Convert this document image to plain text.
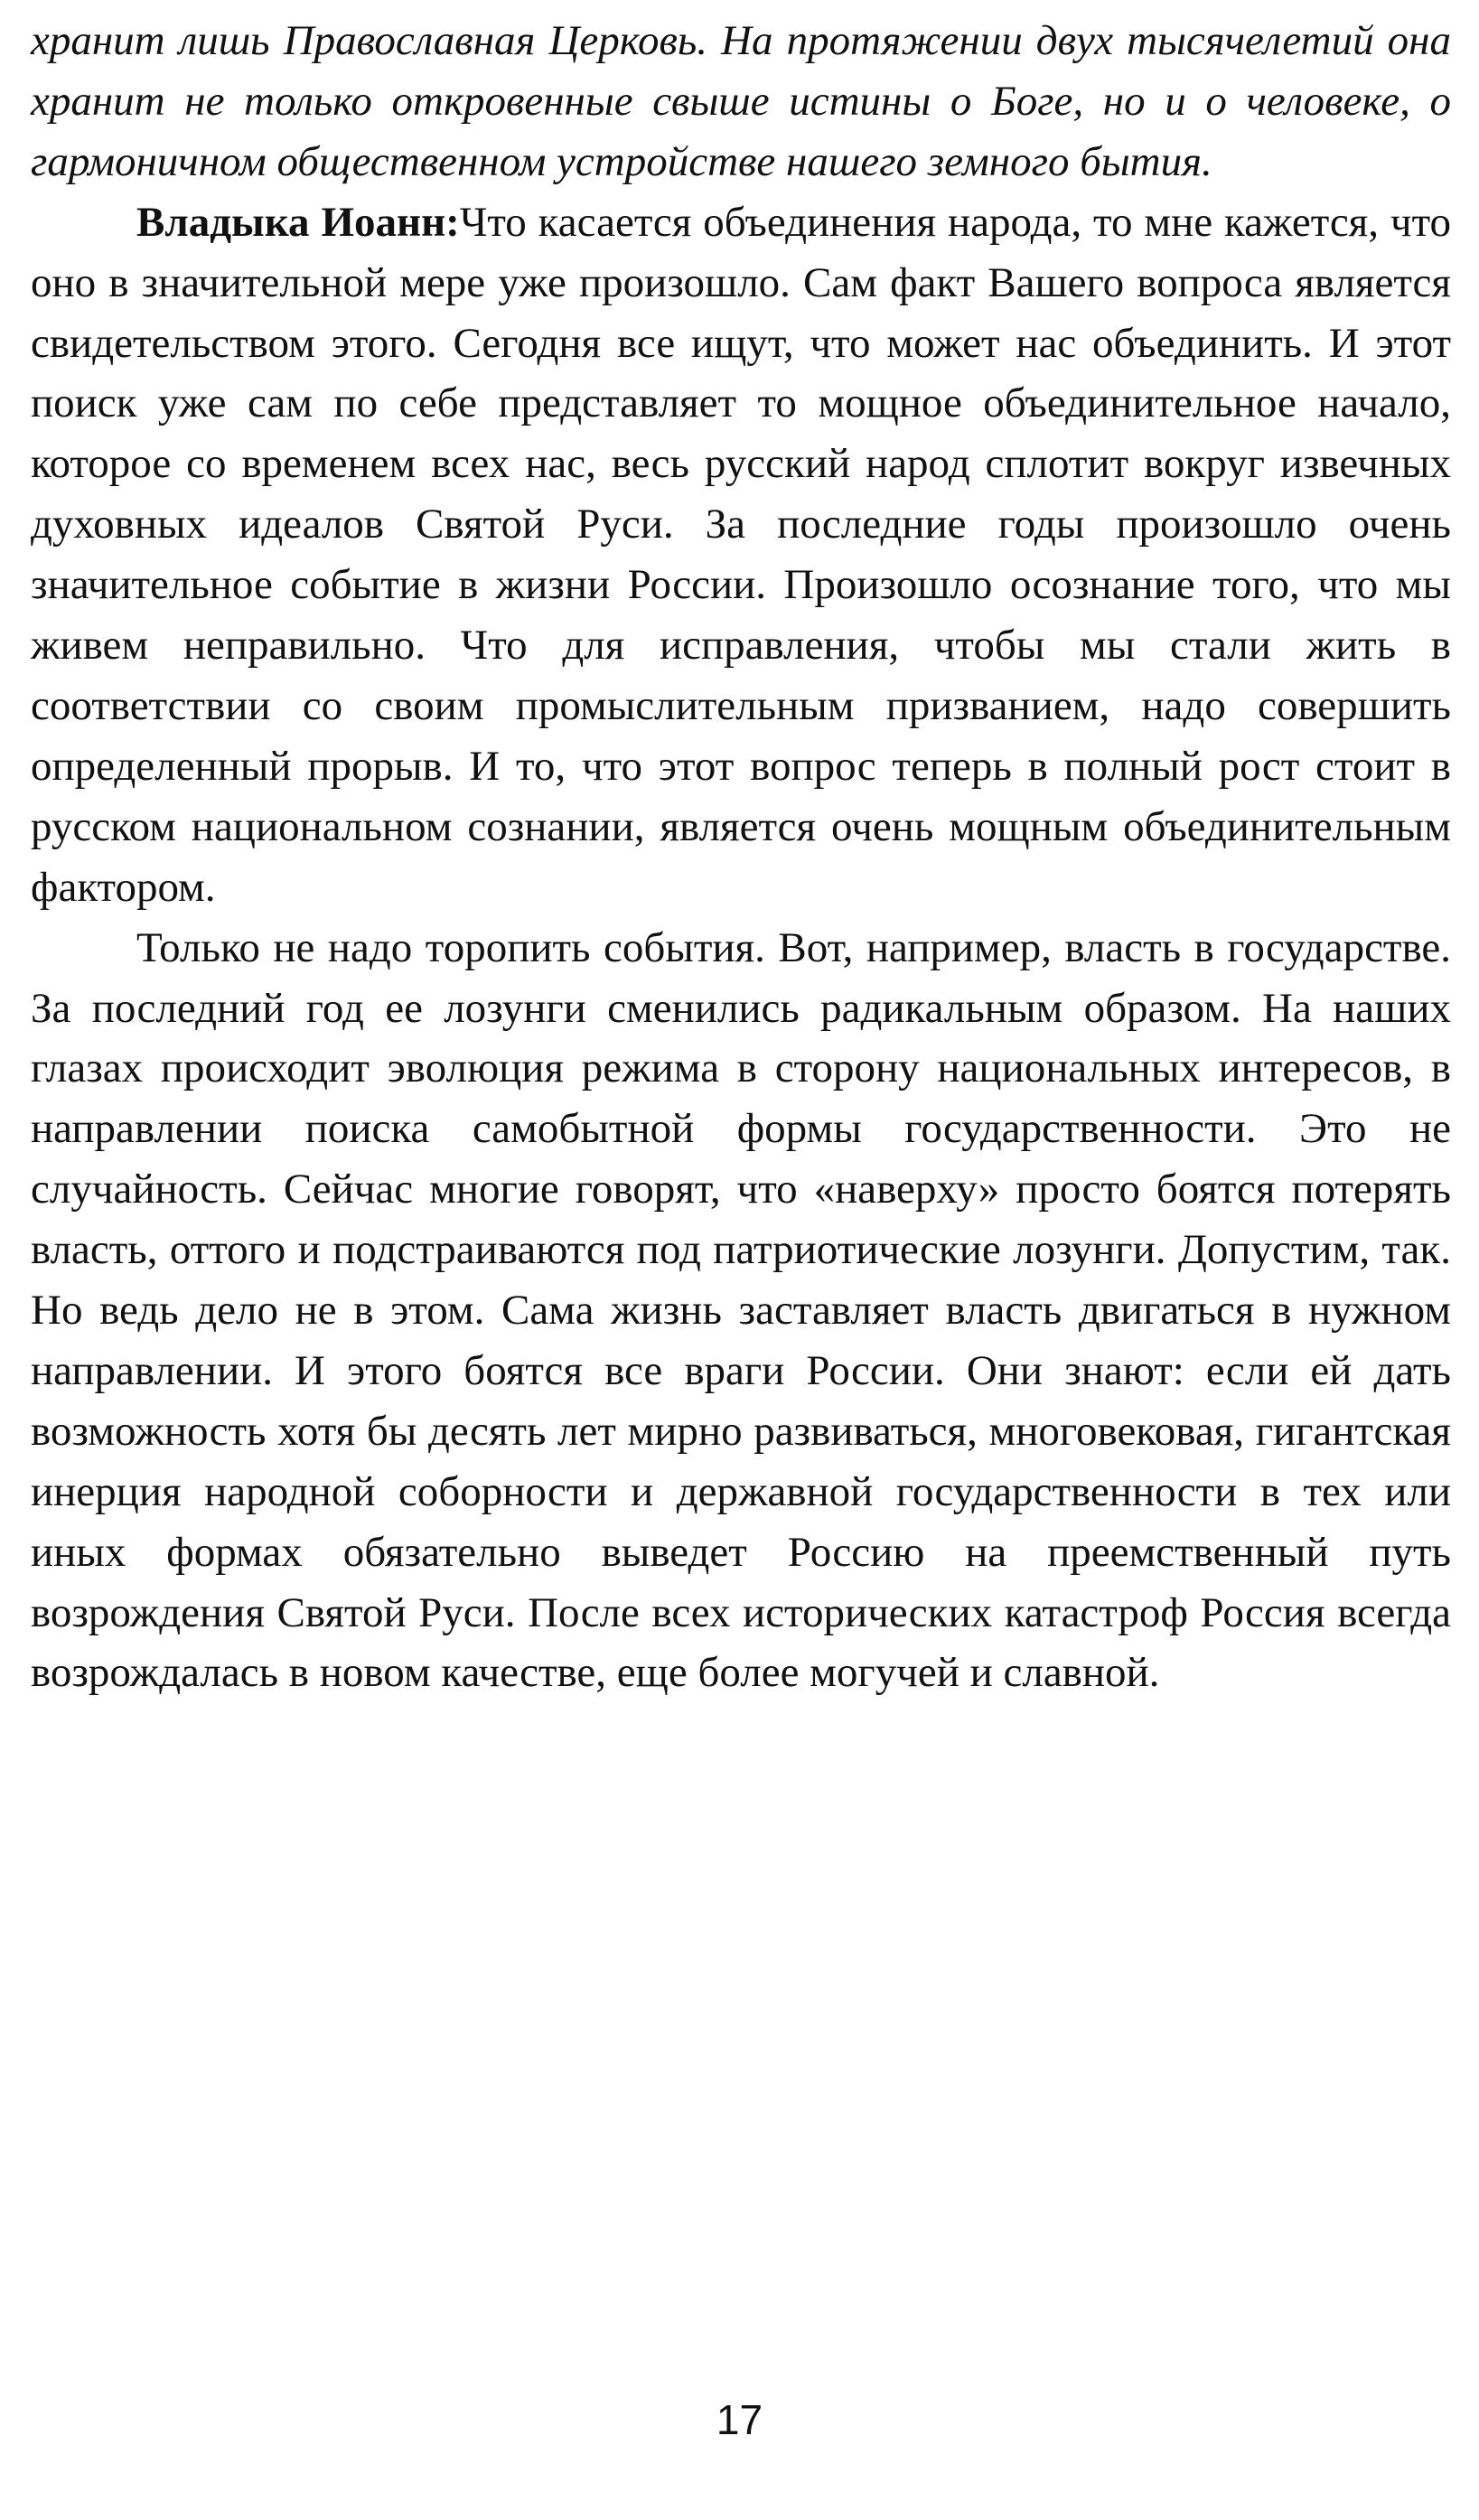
хранит лишь Православная Церковь. На протяжении двух тысячелетий она хранит не только откровенные свыше истины о Боге, но и о человеке, о гармоничном общественном устройстве нашего земного бытия.

Владыка Иоанн:Что касается объединения народа, то мне кажется, что оно в значительной мере уже произошло. Сам факт Вашего вопроса является свидетельством этого. Сегодня все ищут, что может нас объединить. И этот поиск уже сам по себе представляет то мощное объединительное начало, которое со временем всех нас, весь русский народ сплотит вокруг извечных духовных идеалов Святой Руси. За последние годы произошло очень значительное событие в жизни России. Произошло осознание того, что мы живем неправильно. Что для исправления, чтобы мы стали жить в соответствии со своим промыслительным призванием, надо совершить определенный прорыв. И то, что этот вопрос теперь в полный рост стоит в русском национальном сознании, является очень мощным объединительным фактором.

Только не надо торопить события. Вот, например, власть в государстве. За последний год ее лозунги сменились радикальным образом. На наших глазах происходит эволюция режима в сторону национальных интересов, в направлении поиска самобытной формы государственности. Это не случайность. Сейчас многие говорят, что «наверху» просто боятся потерять власть, оттого и подстраиваются под патриотические лозунги. Допустим, так. Но ведь дело не в этом. Сама жизнь заставляет власть двигаться в нужном направлении. И этого боятся все враги России. Они знают: если ей дать возможность хотя бы десять лет мирно развиваться, многовековая, гигантская инерция народной соборности и державной государственности в тех или иных формах обязательно выведет Россию на преемственный путь возрождения Святой Руси. После всех исторических катастроф Россия всегда возрождалась в новом качестве, еще более могучей и славной.

17
